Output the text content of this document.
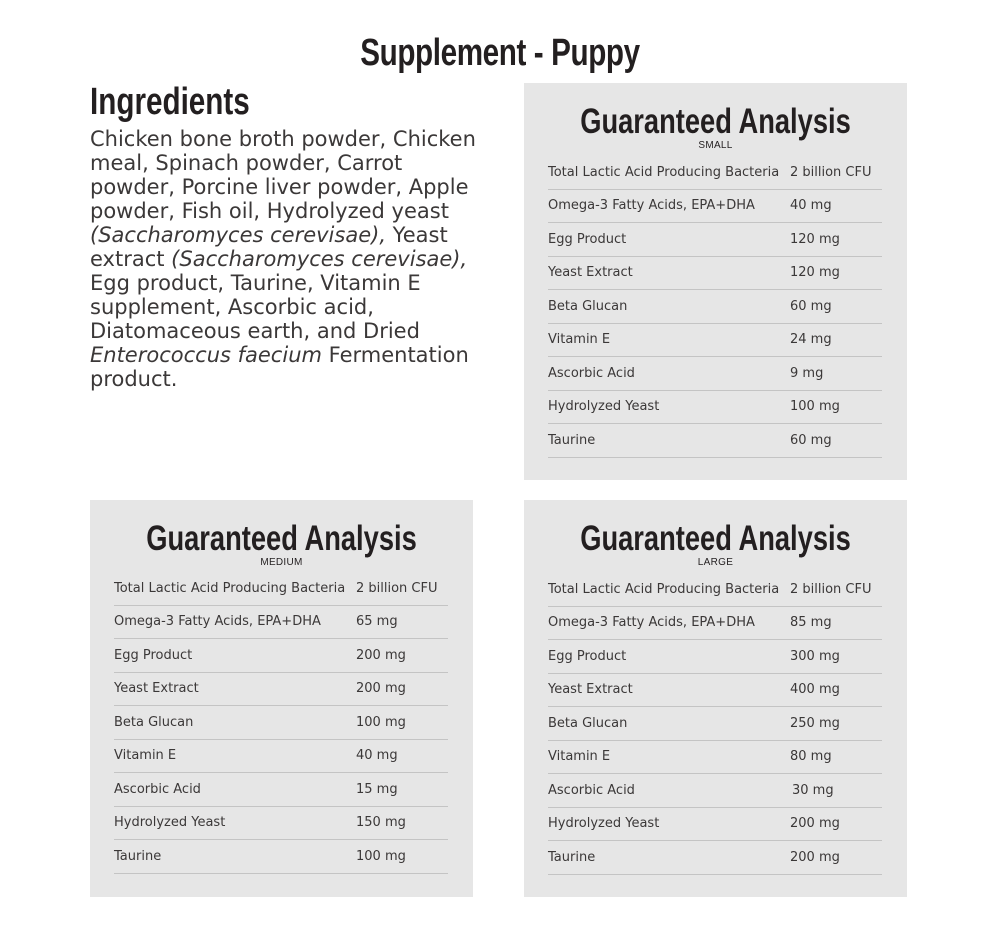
Supplement - Puppy
Ingredients
Chicken bone broth powder, Chicken meal, Spinach powder, Carrot powder, Porcine liver powder, Apple powder, Fish oil, Hydrolyzed yeast (Saccharomyces cerevisae), Yeast extract (Saccharomyces cerevisae), Egg product, Taurine, Vitamin E supplement, Ascorbic acid, Diatomaceous earth, and Dried Enterococcus faecium Fermentation product.
Guaranteed Analysis
SMALL
Total Lactic Acid Producing Bacteria 2 billion CFU
Omega-3 Fatty Acids, EPA+DHA	40 mg
Egg Product	120 mg
Yeast Extract	120 mg
Beta Glucan	60 mg
Vitamin E	24 mg
Ascorbic Acid	9 mg
Hydrolyzed Yeast	100 mg
Taurine	60 mg
Guaranteed Analysis
MEDIUM
Total Lactic Acid Producing Bacteria 2 billion CFU
Omega-3 Fatty Acids, EPA+DHA	65 mg
Egg Product	200 mg
Yeast Extract	200 mg
Beta Glucan	100 mg
Vitamin E	40 mg
Ascorbic Acid	15 mg
Hydrolyzed Yeast	150 mg
Taurine	100 mg
Guaranteed Analysis
LARGE
Total Lactic Acid Producing Bacteria 2 billion CFU
Omega-3 Fatty Acids, EPA+DHA	85 mg
Egg Product	300 mg
Yeast Extract	400 mg
Beta Glucan	250 mg
Vitamin E	80 mg
Ascorbic Acid	30 mg
Hydrolyzed Yeast	200 mg
Taurine	200 mg
